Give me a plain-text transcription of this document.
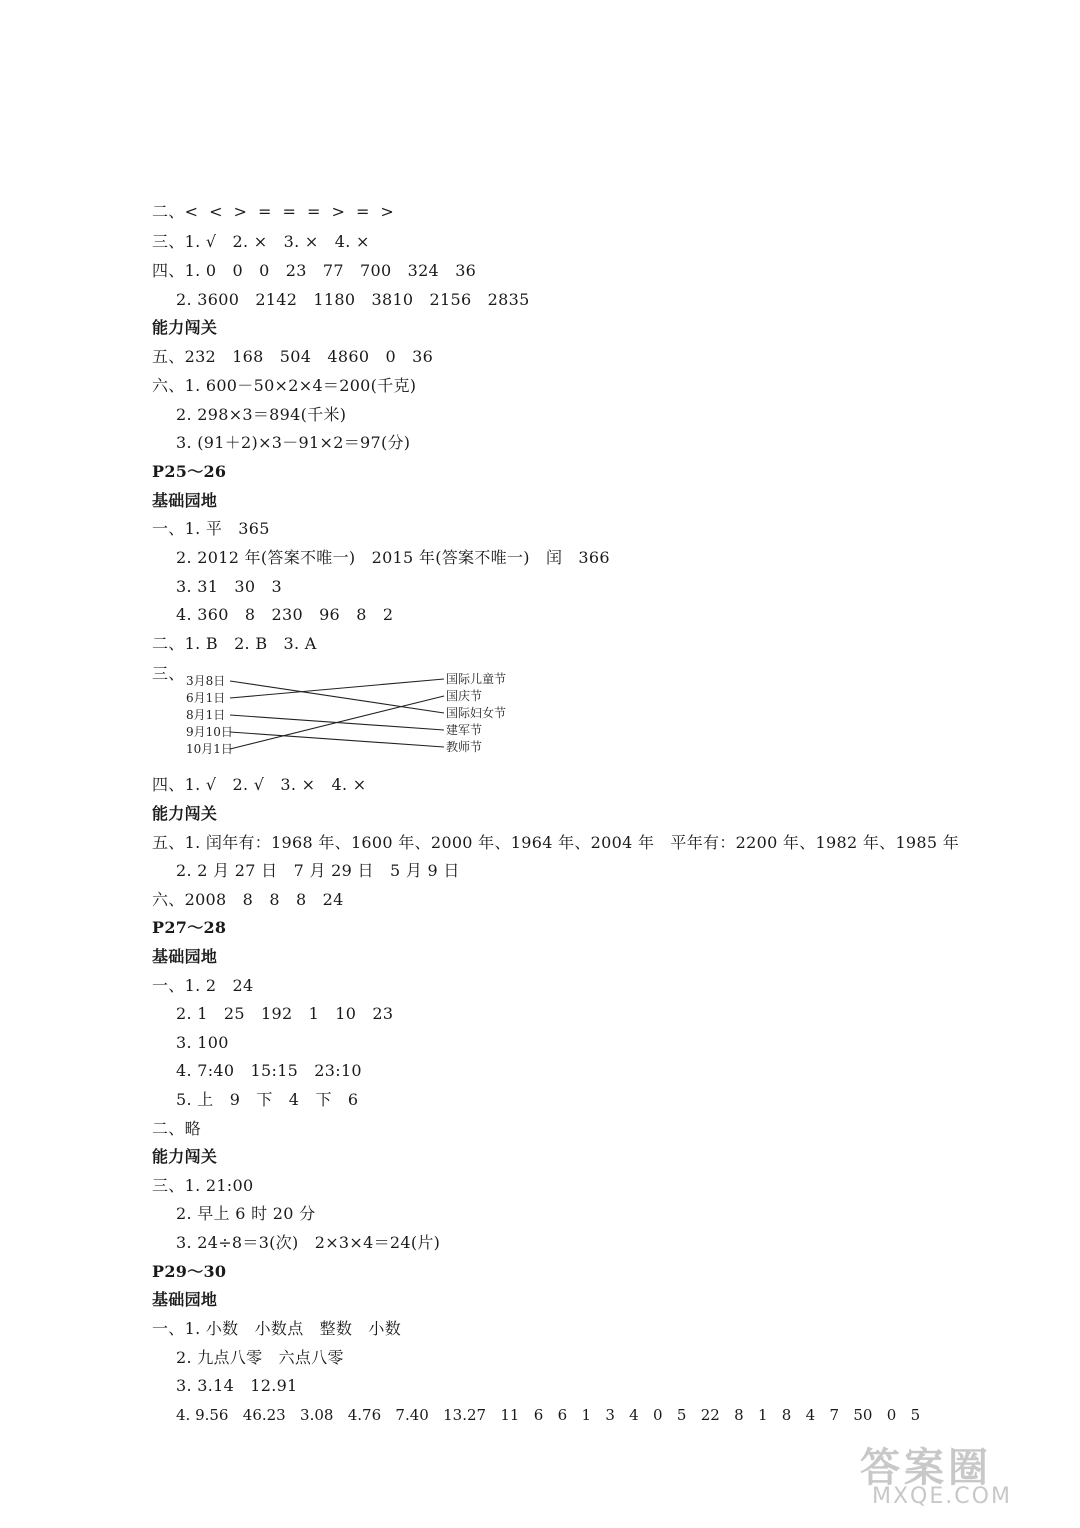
二、<  <  >  =  =  =  >  =  >
三、1. √   2. ×   3. ×   4. ×
四、1. 0   0   0   23   77   700   324   36
2. 3600   2142   1180   3810   2156   2835
能力闯关
五、232   168   504   4860   0   36
六、1. 600－50×2×4＝200(千克)
2. 298×3＝894(千米)
3. (91＋2)×3－91×2＝97(分)
P25～26
基础园地
一、1. 平   365
2. 2012 年(答案不唯一)   2015 年(答案不唯一)   闰   366
3. 31   30   3
4. 360   8   230   96   8   2
二、1. B   2. B   3. A
三、 3月8日
6月1日
8月1日
9月10日
10月1日
国际儿童节
国庆节
国际妇女节
建军节
教师节
四、1. √   2. √   3. ×   4. ×
能力闯关
五、1. 闰年有：1968 年、1600 年、2000 年、1964 年、2004 年   平年有：2200 年、1982 年、1985 年
2. 2 月 27 日   7 月 29 日   5 月 9 日
六、2008   8   8   8   24
P27～28
基础园地
一、1. 2   24
2. 1   25   192   1   10   23
3. 100
4. 7:40   15:15   23:10
5. 上   9   下   4   下   6
二、略
能力闯关
三、1. 21:00
2. 早上 6 时 20 分
3. 24÷8＝3(次)   2×3×4＝24(片)
P29～30
基础园地
一、1. 小数   小数点   整数   小数
2. 九点八零   六点八零
3. 3.14   12.91
4. 9.56   46.23   3.08   4.76   7.40   13.27   11   6   6   1   3   4   0   5   22   8   1   8   4   7   50   0   5
答案圈
MXQE.COM
